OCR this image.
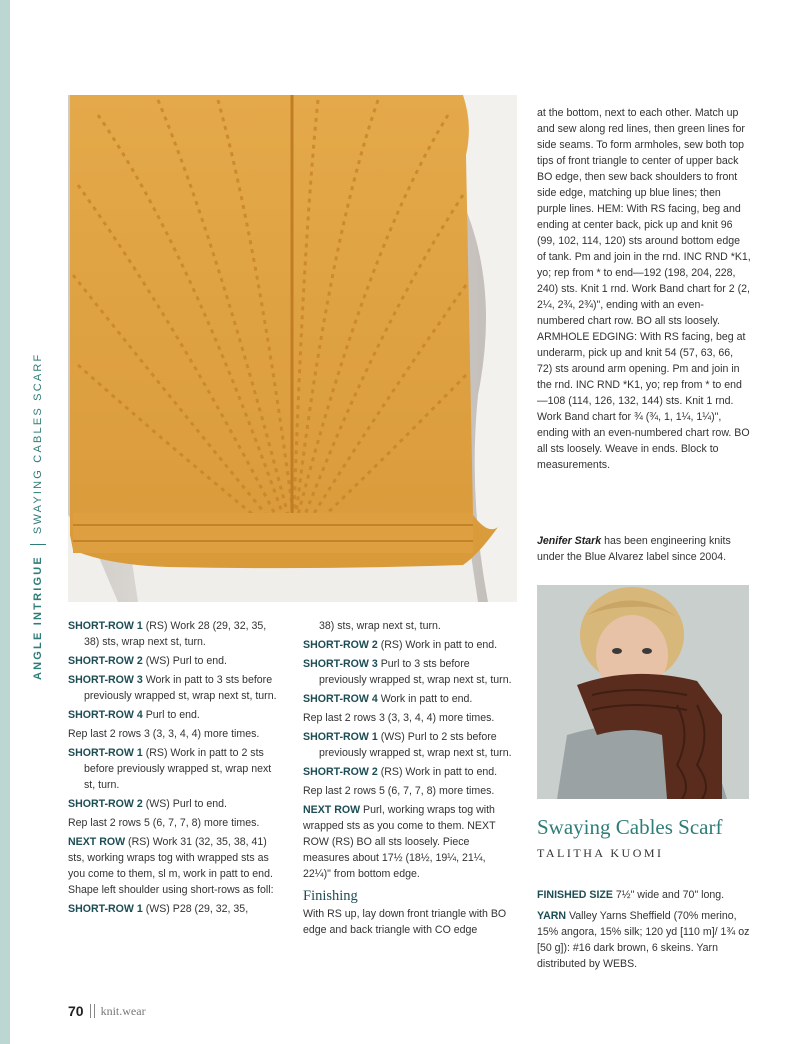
ANGLE INTRIGUE
SWAYING CABLES SCARF

SHORT-ROW 1 (RS) Work 28 (29, 32, 35, 38) sts, wrap next st, turn.

SHORT-ROW 2 (WS) Purl to end.

SHORT-ROW 3 Work in patt to 3 sts before previously wrapped st, wrap next st, turn.

SHORT-ROW 4 Purl to end.

Rep last 2 rows 3 (3, 3, 4, 4) more times.

SHORT-ROW 1 (RS) Work in patt to 2 sts before previously wrapped st, wrap next st, turn.

SHORT-ROW 2 (WS) Purl to end.

Rep last 2 rows 5 (6, 7, 7, 8) more times.

NEXT ROW (RS) Work 31 (32, 35, 38, 41) sts, working wraps tog with wrapped sts as you come to them, sl m, work in patt to end. Shape left shoulder using short-rows as foll:

SHORT-ROW 1 (WS) P28 (29, 32, 35,

38) sts, wrap next st, turn.

SHORT-ROW 2 (RS) Work in patt to end.

SHORT-ROW 3 Purl to 3 sts before previously wrapped st, wrap next st, turn.

SHORT-ROW 4 Work in patt to end.

Rep last 2 rows 3 (3, 3, 4, 4) more times.

SHORT-ROW 1 (WS) Purl to 2 sts before previously wrapped st, wrap next st, turn.

SHORT-ROW 2 (RS) Work in patt to end.

Rep last 2 rows 5 (6, 7, 7, 8) more times.

NEXT ROW Purl, working wraps tog with wrapped sts as you come to them. NEXT ROW (RS) BO all sts loosely. Piece measures about 17½ (18½, 19¼, 21¼, 22¼)" from bottom edge.

Finishing

With RS up, lay down front triangle with BO edge and back triangle with CO edge

at the bottom, next to each other. Match up and sew along red lines, then green lines for side seams. To form armholes, sew both top tips of front triangle to center of upper back BO edge, then sew back shoulders to front side edge, matching up blue lines; then purple lines. HEM: With RS facing, beg and ending at center back, pick up and knit 96 (99, 102, 114, 120) sts around bottom edge of tank. Pm and join in the rnd. INC RND *K1, yo; rep from * to end—192 (198, 204, 228, 240) sts. Knit 1 rnd. Work Band chart for 2 (2, 2¼, 2¾, 2¾)", ending with an even-numbered chart row. BO all sts loosely. ARMHOLE EDGING: With RS facing, beg at underarm, pick up and knit 54 (57, 63, 66, 72) sts around arm opening. Pm and join in the rnd. INC RND *K1, yo; rep from * to end—108 (114, 126, 132, 144) sts. Knit 1 rnd. Work Band chart for ¾ (¾, 1, 1¼, 1¼)", ending with an even-numbered chart row. BO all sts loosely. Weave in ends. Block to measurements.

Jenifer Stark has been engineering knits under the Blue Alvarez label since 2004.
Swaying Cables Scarf
TALITHA KUOMI

FINISHED SIZE 7½" wide and 70" long.

YARN Valley Yarns Sheffield (70% merino, 15% angora, 15% silk; 120 yd [110 m]/ 1¾ oz [50 g]): #16 dark brown, 6 skeins. Yarn distributed by WEBS.

70 knit.wear
